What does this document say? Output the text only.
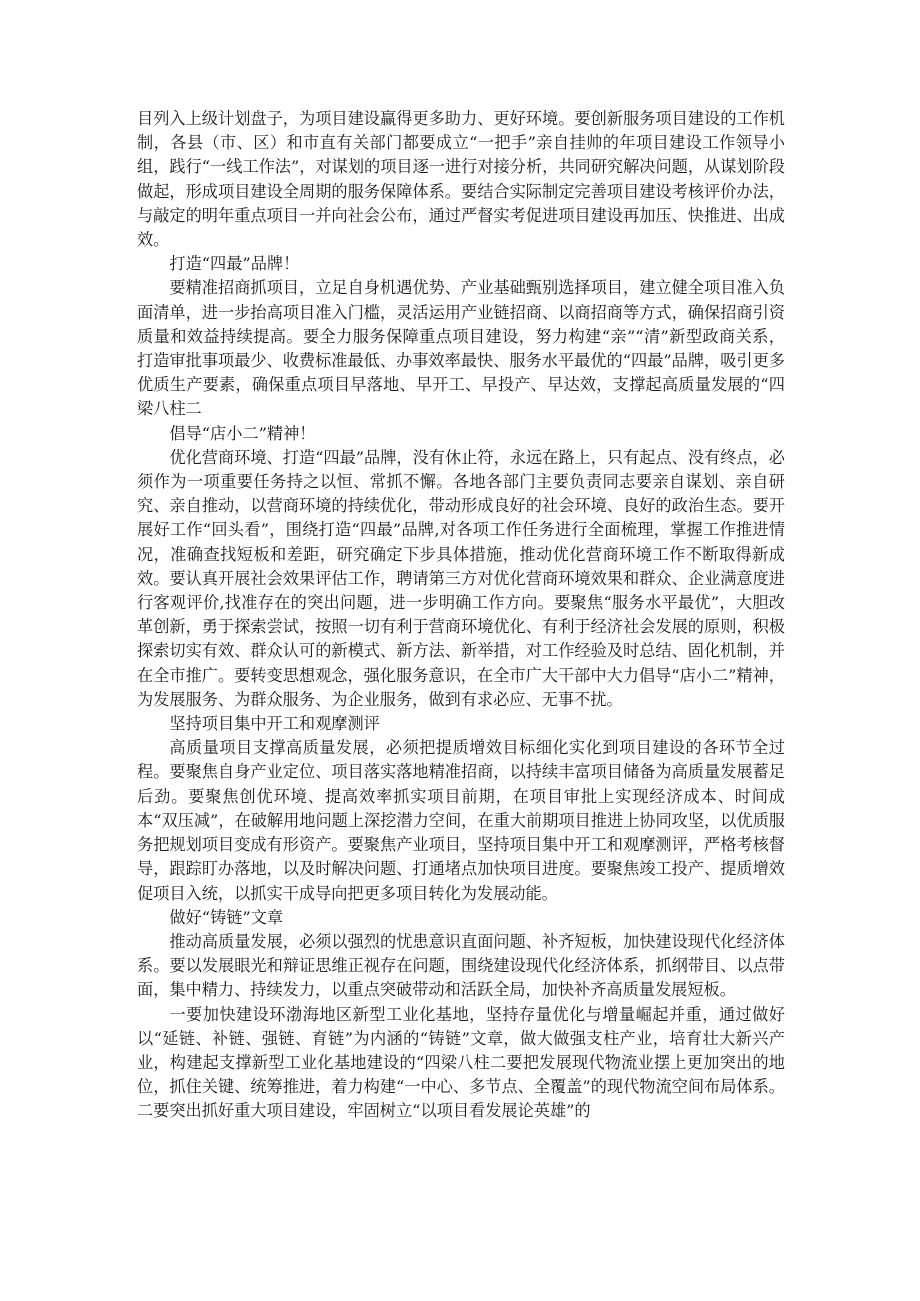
目列入上级计划盘子，为项目建设赢得更多助力、更好环境。要创新服务项目建设的工作机制，各县（市、区）和市直有关部门都要成立“一把手”亲自挂帅的年项目建设工作领导小组，践行“一线工作法”，对谋划的项目逐一进行对接分析，共同研究解决问题，从谋划阶段做起，形成项目建设全周期的服务保障体系。要结合实际制定完善项目建设考核评价办法，与敲定的明年重点项目一并向社会公布，通过严督实考促进项目建设再加压、快推进、出成效。

打造“四最”品牌！

要精准招商抓项目，立足自身机遇优势、产业基础甄别选择项目，建立健全项目准入负面清单，进一步抬高项目准入门槛，灵活运用产业链招商、以商招商等方式，确保招商引资质量和效益持续提高。要全力服务保障重点项目建设，努力构建“亲”“清”新型政商关系，打造审批事项最少、收费标准最低、办事效率最快、服务水平最优的“四最”品牌，吸引更多优质生产要素，确保重点项目早落地、早开工、早投产、早达效，支撑起高质量发展的“四梁八柱二

倡导“店小二”精神！

优化营商环境、打造“四最”品牌，没有休止符，永远在路上，只有起点、没有终点，必须作为一项重要任务持之以恒、常抓不懈。各地各部门主要负责同志要亲自谋划、亲自研究、亲自推动，以营商环境的持续优化，带动形成良好的社会环境、良好的政治生态。要开展好工作“回头看”，围绕打造“四最”品牌,对各项工作任务进行全面梳理，掌握工作推进情况，准确查找短板和差距，研究确定下步具体措施，推动优化营商环境工作不断取得新成效。要认真开展社会效果评估工作，聘请第三方对优化营商环境效果和群众、企业满意度进行客观评价,找准存在的突出问题，进一步明确工作方向。要聚焦“服务水平最优”，大胆改革创新，勇于探索尝试，按照一切有利于营商环境优化、有利于经济社会发展的原则，积极探索切实有效、群众认可的新模式、新方法、新举措，对工作经验及时总结、固化机制，并在全市推广。要转变思想观念，强化服务意识，在全市广大干部中大力倡导“店小二”精神，为发展服务、为群众服务、为企业服务，做到有求必应、无事不扰。

坚持项目集中开工和观摩测评

高质量项目支撑高质量发展，必须把提质增效目标细化实化到项目建设的各环节全过程。要聚焦自身产业定位、项目落实落地精准招商，以持续丰富项目储备为高质量发展蓄足后劲。要聚焦创优环境、提高效率抓实项目前期，在项目审批上实现经济成本、时间成本“双压减”，在破解用地问题上深挖潜力空间，在重大前期项目推进上协同攻坚，以优质服务把规划项目变成有形资产。要聚焦产业项目，坚持项目集中开工和观摩测评，严格考核督导，跟踪盯办落地，以及时解决问题、打通堵点加快项目进度。要聚焦竣工投产、提质增效促项目入统，以抓实干成导向把更多项目转化为发展动能。

做好“铸链”文章

推动高质量发展，必须以强烈的忧患意识直面问题、补齐短板，加快建设现代化经济体系。要以发展眼光和辩证思维正视存在问题，围绕建设现代化经济体系，抓纲带目、以点带面，集中精力、持续发力，以重点突破带动和活跃全局，加快补齐高质量发展短板。

一要加快建设环渤海地区新型工业化基地，坚持存量优化与增量崛起并重，通过做好以“延链、补链、强链、育链”为内涵的“铸链”文章，做大做强支柱产业，培育壮大新兴产业，构建起支撑新型工业化基地建设的“四梁八柱二要把发展现代物流业摆上更加突出的地位，抓住关键、统筹推进，着力构建“一中心、多节点、全覆盖”的现代物流空间布局体系。二要突出抓好重大项目建设，牢固树立“以项目看发展论英雄”的
